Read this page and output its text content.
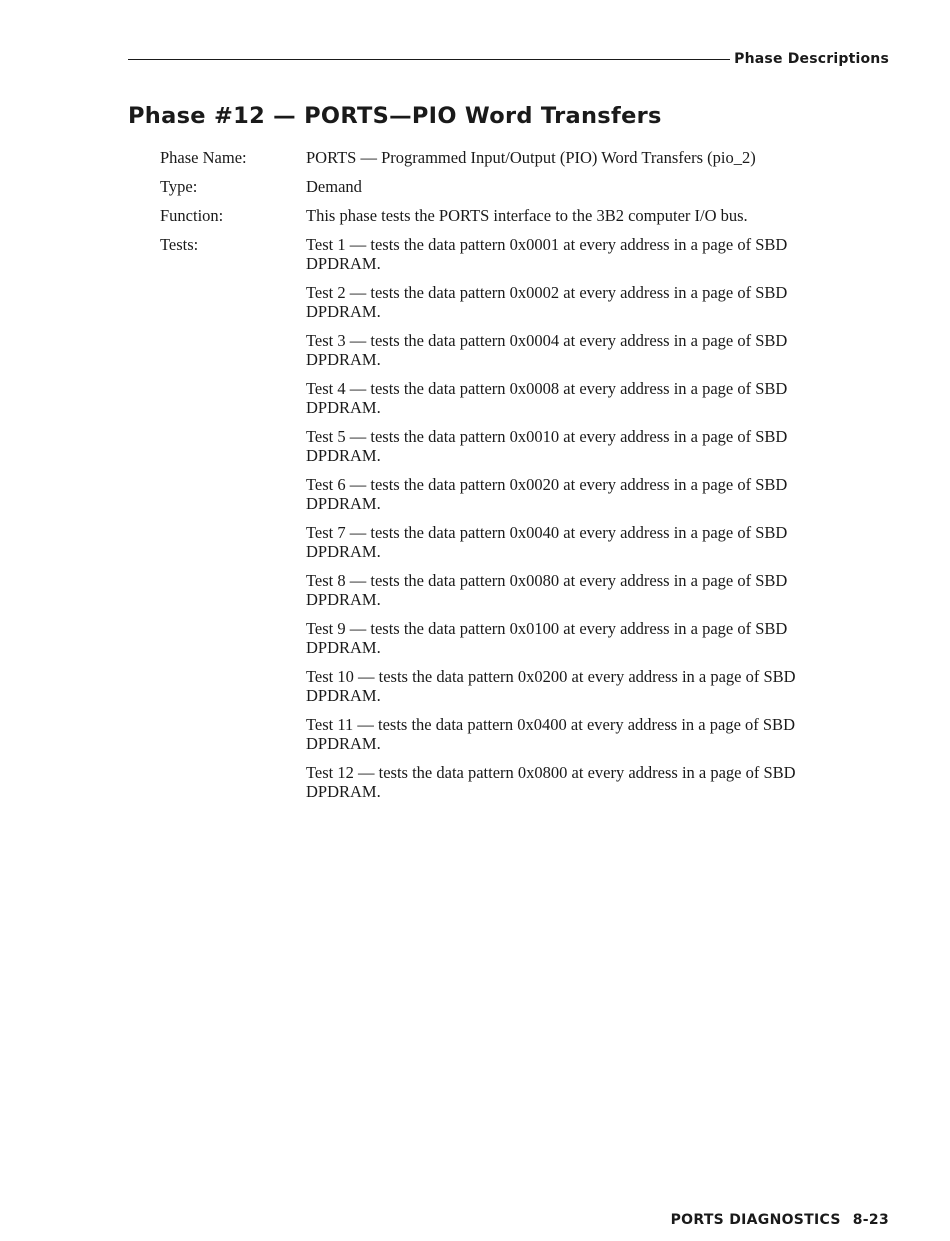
Phase Descriptions
Phase #12 — PORTS—PIO Word Transfers
Phase Name:	PORTS — Programmed Input/Output (PIO) Word Transfers (pio_2)
Type:	Demand
Function:	This phase tests the PORTS interface to the 3B2 computer I/O bus.
Tests:	Test 1 — tests the data pattern 0x0001 at every address in a page of SBD DPDRAM.
Test 2 — tests the data pattern 0x0002 at every address in a page of SBD DPDRAM.
Test 3 — tests the data pattern 0x0004 at every address in a page of SBD DPDRAM.
Test 4 — tests the data pattern 0x0008 at every address in a page of SBD DPDRAM.
Test 5 — tests the data pattern 0x0010 at every address in a page of SBD DPDRAM.
Test 6 — tests the data pattern 0x0020 at every address in a page of SBD DPDRAM.
Test 7 — tests the data pattern 0x0040 at every address in a page of SBD DPDRAM.
Test 8 — tests the data pattern 0x0080 at every address in a page of SBD DPDRAM.
Test 9 — tests the data pattern 0x0100 at every address in a page of SBD DPDRAM.
Test 10 — tests the data pattern 0x0200 at every address in a page of SBD DPDRAM.
Test 11 — tests the data pattern 0x0400 at every address in a page of SBD DPDRAM.
Test 12 — tests the data pattern 0x0800 at every address in a page of SBD DPDRAM.
PORTS DIAGNOSTICS 8-23
